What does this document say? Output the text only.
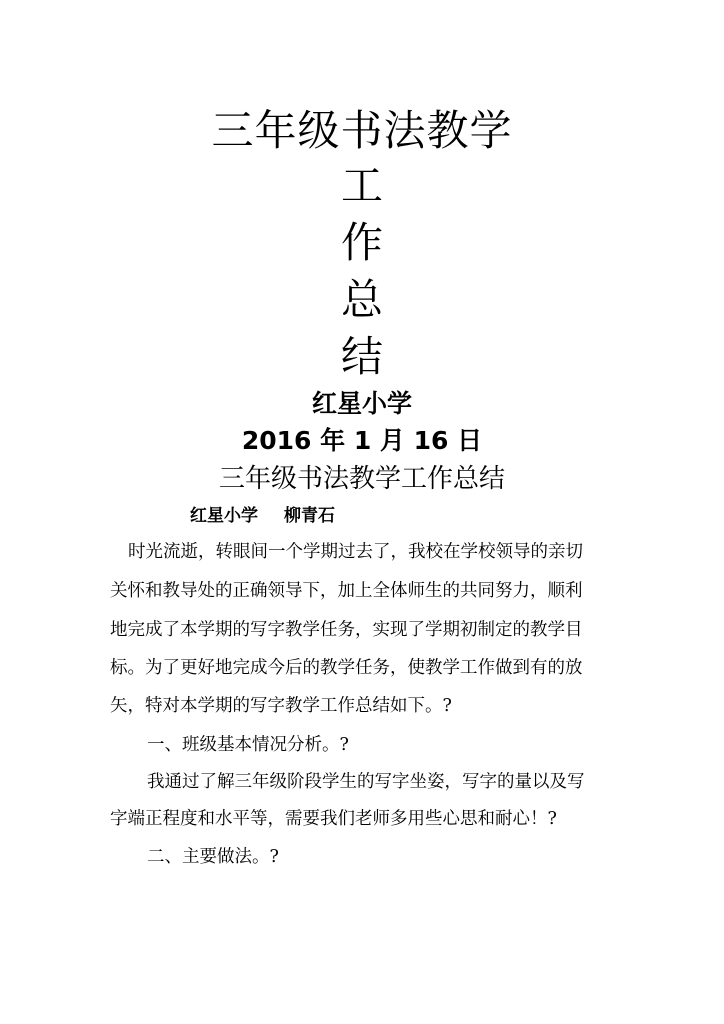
三年级书法教学
工
作
总
结
红星小学
2016 年 1 月 16 日
三年级书法教学工作总结
红星小学 柳青石
时光流逝，转眼间一个学期过去了，我校在学校领导的亲切
关怀和教导处的正确领导下，加上全体师生的共同努力，顺利
地完成了本学期的写字教学任务，实现了学期初制定的教学目
标。为了更好地完成今后的教学任务，使教学工作做到有的放
矢，特对本学期的写字教学工作总结如下。?
一、班级基本情况分析。?
我通过了解三年级阶段学生的写字坐姿，写字的量以及写
字端正程度和水平等，需要我们老师多用些心思和耐心！?
二、主要做法。?
